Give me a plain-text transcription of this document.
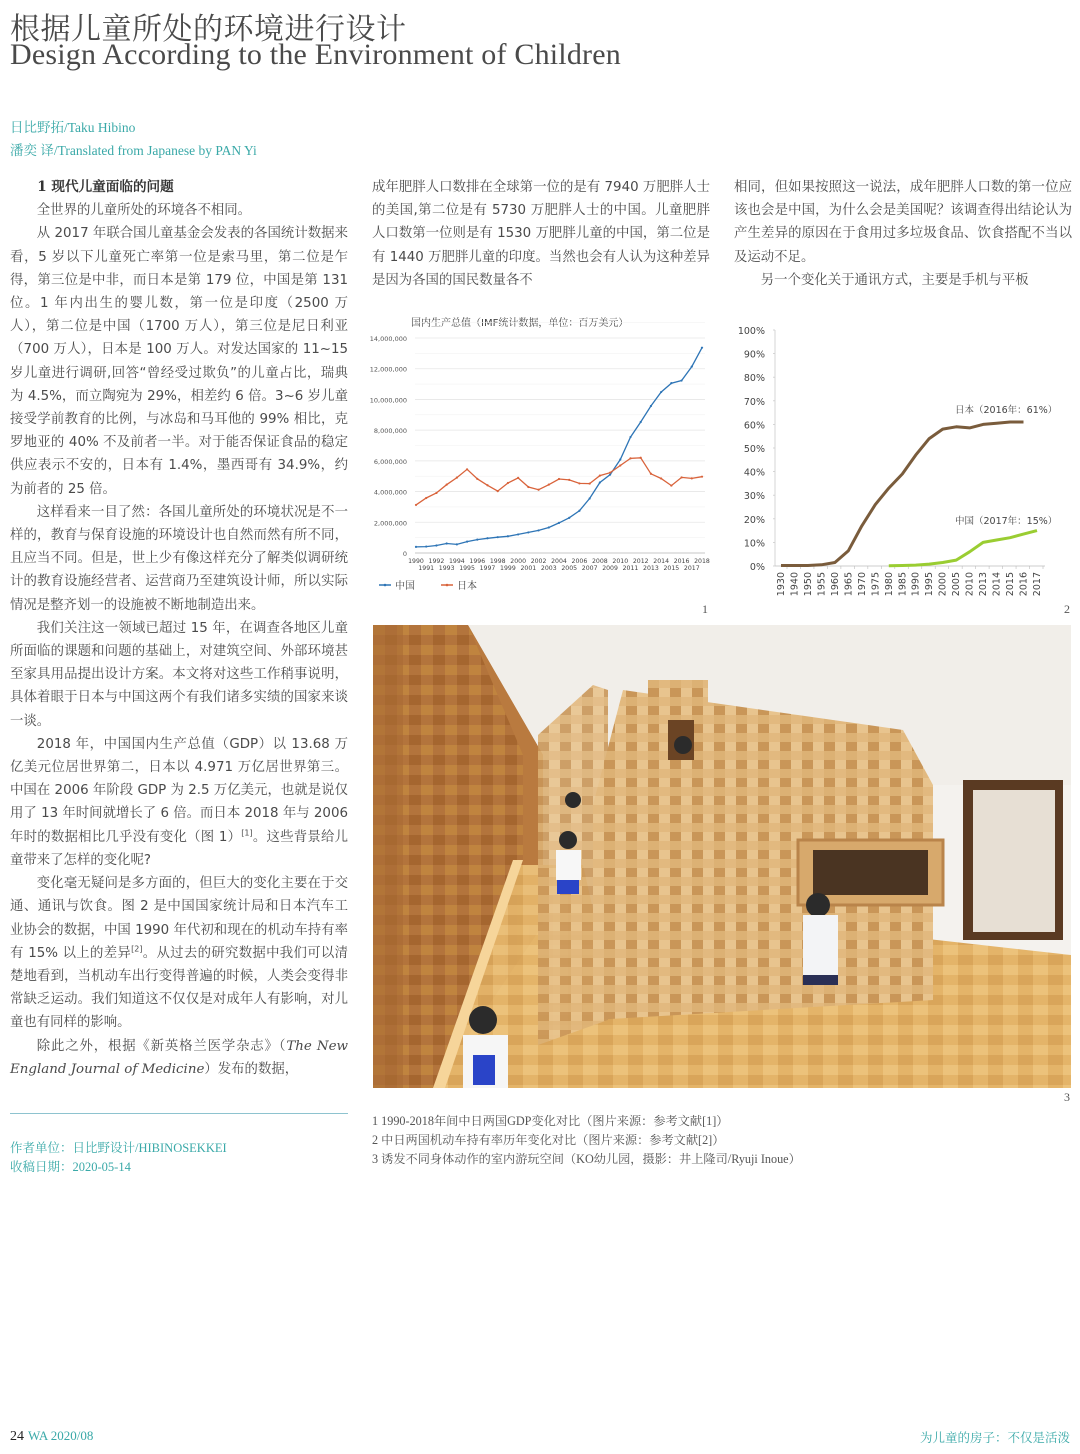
根据儿童所处的环境进行设计
Design According to the Environment of Children
日比野拓/Taku Hibino
潘奕 译/Translated from Japanese by PAN Yi
1 现代儿童面临的问题

全世界的儿童所处的环境各不相同。

从 2017 年联合国儿童基金会发表的各国统计数据来看，5 岁以下儿童死亡率第一位是索马里，第二位是乍得，第三位是中非，而日本是第 179 位，中国是第 131 位。1 年内出生的婴儿数，第一位是印度（2500 万人），第二位是中国（1700 万人），第三位是尼日利亚（700 万人），日本是 100 万人。对发达国家的 11~15 岁儿童进行调研,回答“曾经受过欺负”的儿童占比，瑞典为 4.5%，而立陶宛为 29%，相差约 6 倍。3~6 岁儿童接受学前教育的比例，与冰岛和马耳他的 99% 相比，克罗地亚的 40% 不及前者一半。对于能否保证食品的稳定供应表示不安的，日本有 1.4%，墨西哥有 34.9%，约为前者的 25 倍。

这样看来一目了然：各国儿童所处的环境状况是不一样的，教育与保育设施的环境设计也自然而然有所不同，且应当不同。但是，世上少有像这样充分了解类似调研统计的教育设施经营者、运营商乃至建筑设计师，所以实际情况是整齐划一的设施被不断地制造出来。

我们关注这一领域已超过 15 年，在调查各地区儿童所面临的课题和问题的基础上，对建筑空间、外部环境甚至家具用品提出设计方案。本文将对这些工作稍事说明，具体着眼于日本与中国这两个有我们诸多实绩的国家来谈一谈。

2018 年，中国国内生产总值（GDP）以 13.68 万亿美元位居世界第二，日本以 4.971 万亿居世界第三。中国在 2006 年阶段 GDP 为 2.5 万亿美元，也就是说仅用了 13 年时间就增长了 6 倍。而日本 2018 年与 2006 年时的数据相比几乎没有变化（图 1）[1]。这些背景给儿童带来了怎样的变化呢?

变化毫无疑问是多方面的，但巨大的变化主要在于交通、通讯与饮食。图 2 是中国国家统计局和日本汽车工业协会的数据，中国 1990 年代初和现在的机动车持有率有 15% 以上的差异[2]。从过去的研究数据中我们可以清楚地看到，当机动车出行变得普遍的时候，人类会变得非常缺乏运动。我们知道这不仅仅是对成年人有影响，对儿童也有同样的影响。

除此之外，根据《新英格兰医学杂志》（The New England Journal of Medicine）发布的数据，

作者单位：日比野设计/HIBINOSEKKEI
收稿日期：2020-05-14

成年肥胖人口数排在全球第一位的是有 7940 万肥胖人士的美国,第二位是有 5730 万肥胖人士的中国。儿童肥胖人口数第一位则是有 1530 万肥胖儿童的中国，第二位是有 1440 万肥胖儿童的印度。当然也会有人认为这种差异是因为各国的国民数量各不

相同，但如果按照这一说法，成年肥胖人口数的第一位应该也会是中国，为什么会是美国呢？该调查得出结论认为产生差异的原因在于食用过多垃圾食品、饮食搭配不当以及运动不足。

另一个变化关于通讯方式，主要是手机与平板

国内生产总值（IMF统计数据，单位：百万美元）
0
2,000,000
4,000,000
6,000,000
8,000,000
10,000,000
12,000,000
14,000,000
1990
1991
1992
1993
1994
1995
1996
1997
1998
1999
2000
2001
2002
2003
2004
2005
2006
2007
2008
2009
2010
2011
2012
2013
2014
2015
2016
2017
2018
中国	日本
1
0%
10%
20%
30%
40%
50%
60%
70%
80%
90%
100%
1930 1940 1950 1955 1960 1965 1970 1975 1980 1985 1990 1995 2000 2005 2010 2013 2014 2015 2016 2017
日本（2016年：61%）
中国（2017年：15%）
2
3
1 1990-2018年间中日两国GDP变化对比（图片来源：参考文献[1]）
2 中日两国机动车持有率历年变化对比（图片来源：参考文献[2]）
3 诱发不同身体动作的室内游玩空间（KO幼儿园，摄影：井上隆司/Ryuji Inoue）
24 WA 2020/08	为儿童的房子：不仅是活泼
